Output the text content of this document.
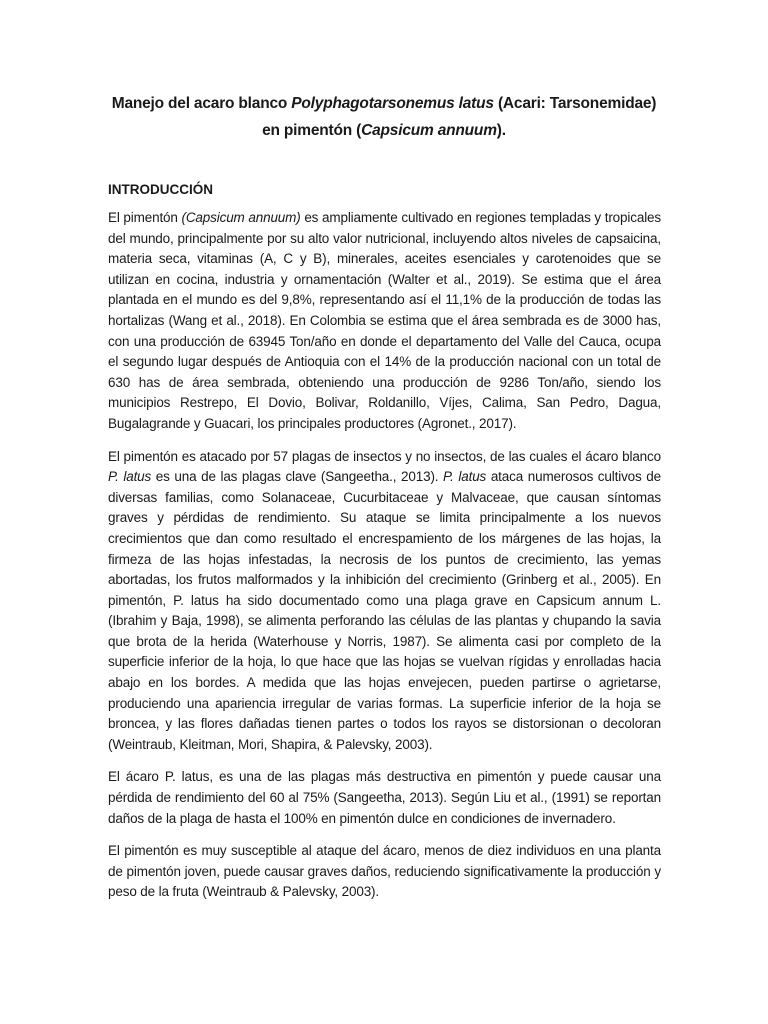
Manejo del acaro blanco Polyphagotarsonemus latus (Acari: Tarsonemidae)
en pimentón (Capsicum annuum).
INTRODUCCIÓN

El pimentón (Capsicum annuum) es ampliamente cultivado en regiones templadas y tropicales del mundo, principalmente por su alto valor nutricional, incluyendo altos niveles de capsaicina, materia seca, vitaminas (A, C y B), minerales, aceites esenciales y carotenoides que se utilizan en cocina, industria y ornamentación (Walter et al., 2019). Se estima que el área plantada en el mundo es del 9,8%, representando así el 11,1% de la producción de todas las hortalizas (Wang et al., 2018). En Colombia se estima que el área sembrada es de 3000 has, con una producción de 63945 Ton/año en donde el departamento del Valle del Cauca, ocupa el segundo lugar después de Antioquia con el 14% de la producción nacional con un total de 630 has de área sembrada, obteniendo una producción de 9286 Ton/año, siendo los municipios Restrepo, El Dovio, Bolivar, Roldanillo, Víjes, Calima, San Pedro, Dagua, Bugalagrande y Guacari, los principales productores (Agronet., 2017).

El pimentón es atacado por 57 plagas de insectos y no insectos, de las cuales el ácaro blanco P. latus es una de las plagas clave (Sangeetha., 2013). P. latus ataca numerosos cultivos de diversas familias, como Solanaceae, Cucurbitaceae y Malvaceae, que causan síntomas graves y pérdidas de rendimiento. Su ataque se limita principalmente a los nuevos crecimientos que dan como resultado el encrespamiento de los márgenes de las hojas, la firmeza de las hojas infestadas, la necrosis de los puntos de crecimiento, las yemas abortadas, los frutos malformados y la inhibición del crecimiento (Grinberg et al., 2005). En pimentón, P. latus ha sido documentado como una plaga grave en Capsicum annum L. (Ibrahim y Baja, 1998), se alimenta perforando las células de las plantas y chupando la savia que brota de la herida (Waterhouse y Norris, 1987). Se alimenta casi por completo de la superficie inferior de la hoja, lo que hace que las hojas se vuelvan rígidas y enrolladas hacia abajo en los bordes. A medida que las hojas envejecen, pueden partirse o agrietarse, produciendo una apariencia irregular de varias formas. La superficie inferior de la hoja se broncea, y las flores dañadas tienen partes o todos los rayos se distorsionan o decoloran (Weintraub, Kleitman, Mori, Shapira, & Palevsky, 2003).

El ácaro P. latus, es una de las plagas más destructiva en pimentón y puede causar una pérdida de rendimiento del 60 al 75% (Sangeetha, 2013). Según Liu et al., (1991) se reportan daños de la plaga de hasta el 100% en pimentón dulce en condiciones de invernadero.

El pimentón es muy susceptible al ataque del ácaro, menos de diez individuos en una planta de pimentón joven, puede causar graves daños, reduciendo significativamente la producción y peso de la fruta (Weintraub & Palevsky, 2003).
